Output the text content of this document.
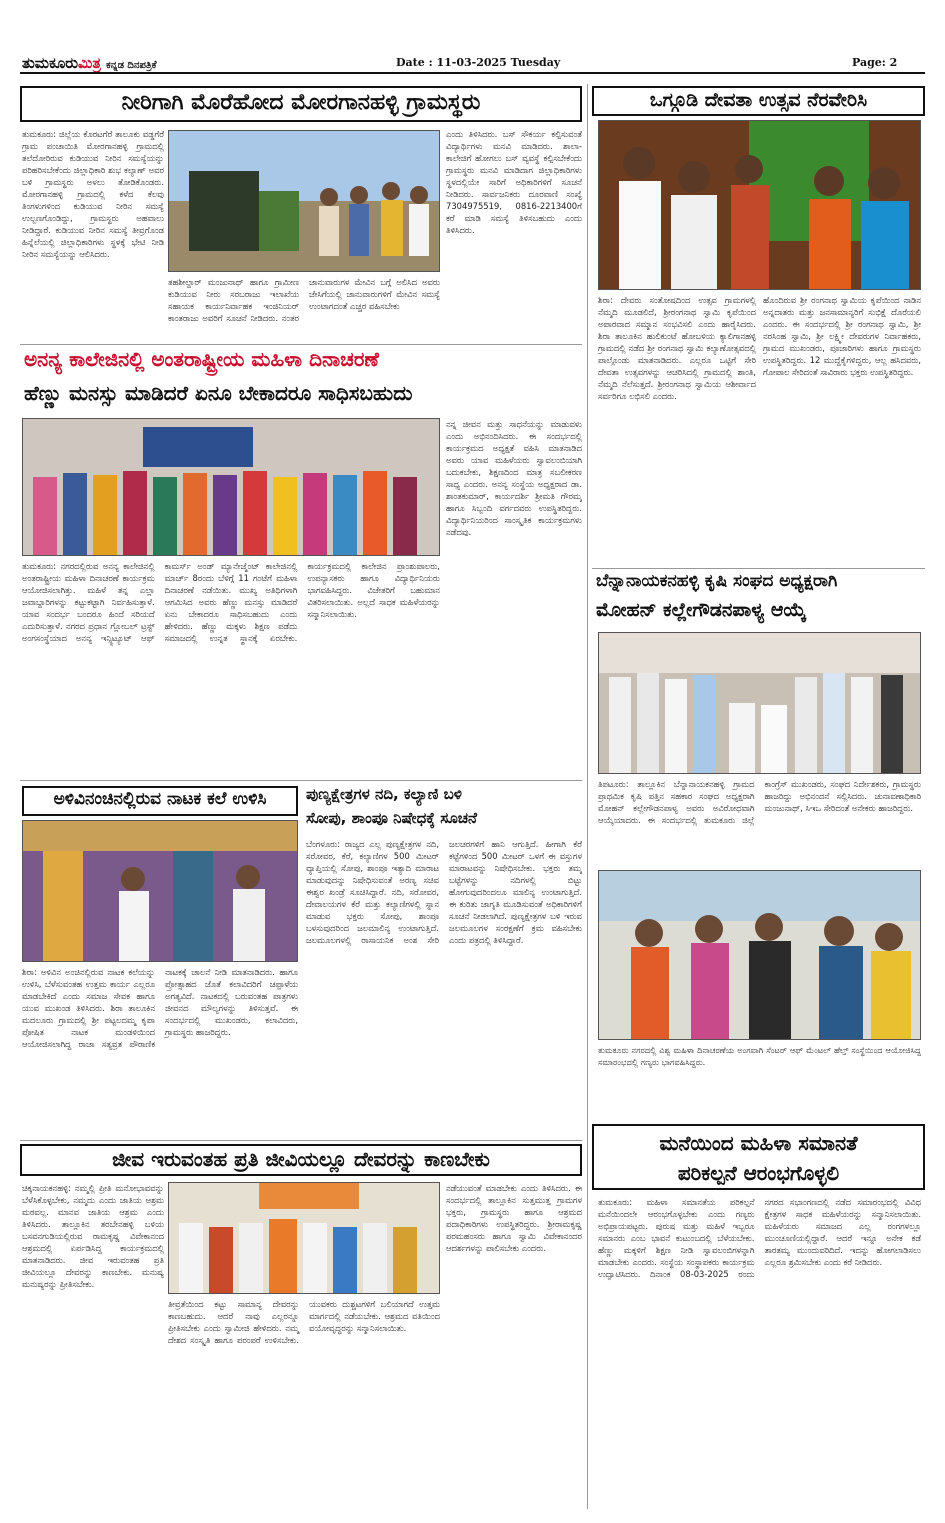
ತುಮಕೂರುಮಿತ್ರ ಕನ್ನಡ ದಿನಪತ್ರಿಕೆ	Date : 11-03-2025 Tuesday	Page: 2
ನೀರಿಗಾಗಿ ಮೊರೆಹೋದ ಮೋರಗಾನಹಳ್ಳಿ ಗ್ರಾಮಸ್ಥರು
ತುಮಕೂರು: ಜಿಲ್ಲೆಯ ಕೊರಟಗೆರೆ ತಾಲೂಕು ವಡ್ಡಗೆರೆ ಗ್ರಾಮ ಪಂಚಾಯಿತಿ ಮೋರಗಾನಹಳ್ಳಿ ಗ್ರಾಮದಲ್ಲಿ ತಲೆದೋರಿರುವ ಕುಡಿಯುವ ನೀರಿನ ಸಮಸ್ಯೆಯನ್ನು ಪರಿಹರಿಸಬೇಕೆಂದು ಜಿಲ್ಲಾಧಿಕಾರಿ ಶುಭ ಕಲ್ಯಾಣ್ ಅವರ ಬಳಿ ಗ್ರಾಮಸ್ಥರು ಅಳಲು ತೋಡಿಕೊಂಡರು. ಮೋರಗಾನಹಳ್ಳಿ ಗ್ರಾಮದಲ್ಲಿ ಕಳೆದ ಕೆಲವು ತಿಂಗಳುಗಳಿಂದ ಕುಡಿಯುವ ನೀರಿನ ಸಮಸ್ಯೆ ಉಲ್ಬಣಗೊಂಡಿದ್ದು, ಗ್ರಾಮಸ್ಥರು ಅಹವಾಲು ನೀಡಿದ್ದಾರೆ. ಕುಡಿಯುವ ನೀರಿನ ಸಮಸ್ಯೆ ತೀವ್ರಗೊಂಡ ಹಿನ್ನೆಲೆಯಲ್ಲಿ ಜಿಲ್ಲಾಧಿಕಾರಿಗಳು ಸ್ಥಳಕ್ಕೆ ಭೇಟಿ ನೀಡಿ ನೀರಿನ ಸಮಸ್ಯೆಯನ್ನು ಆಲಿಸಿದರು.
ತಹಶೀಲ್ದಾರ್ ಮಂಜುನಾಥ್ ಹಾಗೂ ಗ್ರಾಮೀಣ ಕುಡಿಯುವ ನೀರು ಸರಬರಾಜು ಇಲಾಖೆಯ ಸಹಾಯಕ ಕಾರ್ಯನಿರ್ವಾಹಕ ಇಂಜಿನಿಯರ್ ಕಾಂತರಾಜು ಅವರಿಗೆ ಸೂಚನೆ ನೀಡಿದರು. ನಂತರ ಜಾನುವಾರುಗಳ ಮೇವಿನ ಬಗ್ಗೆ ಅಲಿಸಿದ ಅವರು ಜೇಸಿಗೆಯಲ್ಲಿ ಜಾನುವಾರುಗಳಿಗೆ ಮೇವಿನ ಸಮಸ್ಯೆ ಉಂಟಾಗದಂತೆ ಎಚ್ಚರ ವಹಿಸಬೇಕು
ಎಂದು ತಿಳಿಸಿದರು. ಬಸ್ ಸೌಕರ್ಯ ಕಲ್ಪಿಸುವಂತೆ ವಿದ್ಯಾರ್ಥಿಗಳು ಮನವಿ ಮಾಡಿದರು. ಶಾಲಾ-ಕಾಲೇಜಿಗೆ ಹೋಗಲು ಬಸ್ ವ್ಯವಸ್ಥೆ ಕಲ್ಪಿಸಬೇಕೆಂದು ಗ್ರಾಮಸ್ಥರು ಮನವಿ ಮಾಡಿದಾಗ ಜಿಲ್ಲಾಧಿಕಾರಿಗಳು ಸ್ಥಳದಲ್ಲಿಯೇ ಸಾರಿಗೆ ಅಧಿಕಾರಿಗಳಿಗೆ ಸೂಚನೆ ನೀಡಿದರು. ಸಾರ್ವಜನಿಕರು ದೂರವಾಣಿ ಸಂಖ್ಯೆ 7304975519, 0816-2213400ಗೆ ಕರೆ ಮಾಡಿ ಸಮಸ್ಯೆ ತಿಳಿಸಬಹುದು ಎಂದು ತಿಳಿಸಿದರು.
ಒಗ್ಗೂಡಿ ದೇವತಾ ಉತ್ಸವ ನೆರವೇರಿಸಿ
ಶಿರಾ: ದೇವರು ಸಂತೋಷದಿಂದ ಉತ್ಸವ ಗ್ರಾಮಗಳಲ್ಲಿ ನೆಮ್ಮದಿ ಮೂಡಲಿದೆ, ಶ್ರೀರಂಗನಾಥ ಸ್ವಾಮಿ ಕೃಪೆಯಿಂದ ಅಪಾರವಾದ ಸಮ್ಮಾನ ಸಂಭವಿಸಲಿ ಎಂದು ಹಾರೈಸಿದರು. ಶಿರಾ ತಾಲೂಕಿನ ಹುಲಿಕುಂಟೆ ಹೋಬಳಿಯ ಕ್ಯಾಲಿಗಾನಹಳ್ಳಿ ಗ್ರಾಮದಲ್ಲಿ ನಡೆದ ಶ್ರೀ ರಂಗನಾಥ ಸ್ವಾಮಿ ಕಲ್ಯಾಣೋತ್ಸವದಲ್ಲಿ ಪಾಲ್ಗೊಂಡು ಮಾತನಾಡಿದರು. ಎಲ್ಲರೂ ಒಟ್ಟಿಗೆ ಸೇರಿ ದೇವತಾ ಉತ್ಸವಗಳನ್ನು ಆಚರಿಸಿದಲ್ಲಿ ಗ್ರಾಮದಲ್ಲಿ ಶಾಂತಿ, ನೆಮ್ಮದಿ ನೆಲೆಸುತ್ತದೆ. ಶ್ರೀರಂಗನಾಥ ಸ್ವಾಮಿಯ ಆಶೀರ್ವಾದ ಸರ್ವರಿಗೂ ಲಭಿಸಲಿ ಎಂದರು.
ಹೊಂದಿರುವ ಶ್ರೀ ರಂಗನಾಥ ಸ್ವಾಮಿಯ ಕೃಪೆಯಿಂದ ನಾಡಿನ ಅನ್ನದಾತರು ಮತ್ತು ಜನಸಾಮಾನ್ಯರಿಗೆ ಸುಭಿಕ್ಷೆ ದೊರೆಯಲಿ ಎಂದರು. ಈ ಸಂದರ್ಭದಲ್ಲಿ ಶ್ರೀ ರಂಗನಾಥ ಸ್ವಾಮಿ, ಶ್ರೀ ನರಸಿಂಹ ಸ್ವಾಮಿ, ಶ್ರೀ ಲಕ್ಷ್ಮೀ ದೇವರುಗಳ ನಿರ್ವಾಹಕರು, ಗ್ರಾಮದ ಮುಖಂಡರು, ಪೂಜಾರಿಗಳು ಹಾಗೂ ಗ್ರಾಮಸ್ಥರು ಉಪಸ್ಥಿತರಿದ್ದರು. 12 ಮುದ್ದೆಕೈಗಳಿದ್ದರು, ಆಲ್ಲ ಹಸಿದವರು, ಗೋಪಾಲ ಸೇರಿದಂತೆ ಸಾವಿರಾರು ಭಕ್ತರು ಉಪಸ್ಥಿತರಿದ್ದರು.
ಅನನ್ಯ ಕಾಲೇಜಿನಲ್ಲಿ ಅಂತರಾಷ್ಟ್ರೀಯ ಮಹಿಳಾ ದಿನಾಚರಣೆ
ಹೆಣ್ಣು ಮನಸ್ಸು ಮಾಡಿದರೆ ಏನೂ ಬೇಕಾದರೂ ಸಾಧಿಸಬಹುದು
ನನ್ನ ಜೀವನ ಮತ್ತು ಸಾಧನೆಯನ್ನು ಮಾಡುವಳು ಎಂದು ಅಭಿನಂದಿಸಿದರು. ಈ ಸಂದರ್ಭದಲ್ಲಿ ಕಾರ್ಯಕ್ರಮದ ಅಧ್ಯಕ್ಷತೆ ವಹಿಸಿ ಮಾತನಾಡಿದ ಅವರು ಯಾವ ಮಹಿಳೆಯರು ಸ್ವಾವಲಂಬಿಯಾಗಿ ಬದುಕಬೇಕು, ಶಿಕ್ಷಣದಿಂದ ಮಾತ್ರ ಸಬಲೀಕರಣ ಸಾಧ್ಯ ಎಂದರು. ಅನನ್ಯ ಸಂಸ್ಥೆಯ ಅಧ್ಯಕ್ಷರಾದ ಡಾ. ಶಾಂತಕುಮಾರ್, ಕಾರ್ಯದರ್ಶಿ ಶ್ರೀಮತಿ ಗೌರಮ್ಮ ಹಾಗೂ ಸಿಬ್ಬಂದಿ ವರ್ಗದವರು ಉಪಸ್ಥಿತರಿದ್ದರು. ವಿದ್ಯಾರ್ಥಿನಿಯರಿಂದ ಸಾಂಸ್ಕೃತಿಕ ಕಾರ್ಯಕ್ರಮಗಳು ನಡೆದವು.
ತುಮಕೂರು: ನಗರದಲ್ಲಿರುವ ಅನನ್ಯ ಕಾಲೇಜಿನಲ್ಲಿ ಅಂತರಾಷ್ಟ್ರೀಯ ಮಹಿಳಾ ದಿನಾಚರಣೆ ಕಾರ್ಯಕ್ರಮ ಆಯೋಜಿಸಲಾಗಿತ್ತು. ಮಹಿಳೆ ತನ್ನ ಎಲ್ಲಾ ಜವಾಬ್ದಾರಿಗಳನ್ನು ಕಟ್ಟುಕಟ್ಟಾಗಿ ನಿರ್ವಹಿಸುತ್ತಾಳೆ. ಯಾವ ಸಂದರ್ಭ ಬಂದರೂ ಹಿಂದೆ ಸರಿಯದೆ ಎದುರಿಸುತ್ತಾಳೆ. ನಗರದ ಪ್ರಧಾನ ಗ್ಲೋಬಲ್ ಟ್ರಸ್ಟ್ ಅಂಗಸಂಸ್ಥೆಯಾದ ಅನನ್ಯ ಇನ್ಸ್ಟಿಟ್ಯೂಟ್ ಆಫ್ ಕಾಮರ್ಸ್ ಅಂಡ್ ಮ್ಯಾನೇಜ್ಮೆಂಟ್ ಕಾಲೇಜಿನಲ್ಲಿ ಮಾರ್ಚ್ 8ರಂದು ಬೆಳಿಗ್ಗೆ 11 ಗಂಟೆಗೆ ಮಹಿಳಾ ದಿನಾಚರಣೆ ನಡೆಯಿತು. ಮುಖ್ಯ ಅತಿಥಿಗಳಾಗಿ ಆಗಮಿಸಿದ ಅವರು ಹೆಣ್ಣು ಮನಸ್ಸು ಮಾಡಿದರೆ ಏನು ಬೇಕಾದರೂ ಸಾಧಿಸಬಹುದು ಎಂದು ಹೇಳಿದರು. ಹೆಣ್ಣು ಮಕ್ಕಳು ಶಿಕ್ಷಣ ಪಡೆದು ಸಮಾಜದಲ್ಲಿ ಉನ್ನತ ಸ್ಥಾನಕ್ಕೆ ಏರಬೇಕು. ಕಾರ್ಯಕ್ರಮದಲ್ಲಿ ಕಾಲೇಜಿನ ಪ್ರಾಂಶುಪಾಲರು, ಉಪನ್ಯಾಸಕರು ಹಾಗೂ ವಿದ್ಯಾರ್ಥಿನಿಯರು ಭಾಗವಹಿಸಿದ್ದರು. ವಿಜೇತರಿಗೆ ಬಹುಮಾನ ವಿತರಿಸಲಾಯಿತು. ಅಲ್ಲದೆ ಸಾಧಕ ಮಹಿಳೆಯರನ್ನು ಸನ್ಮಾನಿಸಲಾಯಿತು.
ಬೆನ್ನಾನಾಯಕನಹಳ್ಳಿ ಕೃಷಿ ಸಂಘದ ಅಧ್ಯಕ್ಷರಾಗಿ
ಮೋಹನ್ ಕಲ್ಲೇಗೌಡನಪಾಳ್ಯ ಆಯ್ಕೆ
ತಿಪಟೂರು: ತಾಲ್ಲೂಕಿನ ಬೆನ್ನಾನಾಯಕನಹಳ್ಳಿ ಗ್ರಾಮದ ಪ್ರಾಥಮಿಕ ಕೃಷಿ ಪತ್ತಿನ ಸಹಕಾರ ಸಂಘದ ಅಧ್ಯಕ್ಷರಾಗಿ ಮೋಹನ್ ಕಲ್ಲೇಗೌಡನಪಾಳ್ಯ ಅವರು ಅವಿರೋಧವಾಗಿ ಆಯ್ಕೆಯಾದರು. ಈ ಸಂದರ್ಭದಲ್ಲಿ ತುಮಕೂರು ಜಿಲ್ಲೆ ಕಾಂಗ್ರೆಸ್ ಮುಖಂಡರು, ಸಂಘದ ನಿರ್ದೇಶಕರು, ಗ್ರಾಮಸ್ಥರು ಹಾಜರಿದ್ದು ಅಭಿನಂದನೆ ಸಲ್ಲಿಸಿದರು. ಚುನಾವಣಾಧಿಕಾರಿ ಮಂಜುನಾಥ್, ಸಿಇಒ ಸೇರಿದಂತೆ ಅನೇಕರು ಹಾಜರಿದ್ದರು.
ಅಳಿವಿನಂಚಿನಲ್ಲಿರುವ ನಾಟಕ ಕಲೆ ಉಳಿಸಿ
ಶಿರಾ: ಅಳಿವಿನ ಅಂಚಿನಲ್ಲಿರುವ ನಾಟಕ ಕಲೆಯನ್ನು ಉಳಿಸಿ, ಬೆಳೆಸುವಂತಹ ಉತ್ತಮ ಕಾರ್ಯ ಎಲ್ಲರೂ ಮಾಡಬೇಕಿದೆ ಎಂದು ಸಮಾಜ ಸೇವಕ ಹಾಗೂ ಯುವ ಮುಖಂಡ ತಿಳಿಸಿದರು. ಶಿರಾ ತಾಲೂಕಿನ ಮದಲೂರು ಗ್ರಾಮದಲ್ಲಿ ಶ್ರೀ ಪಟ್ಟಲದಮ್ಮ ಕೃಪಾ ಪೋಷಿತ ನಾಟಕ ಮಂಡಳಿಯಿಂದ ಆಯೋಜಿಸಲಾಗಿದ್ದ ರಾಜಾ ಸತ್ಯವ್ರತ ಪೌರಾಣಿಕ ನಾಟಕಕ್ಕೆ ಚಾಲನೆ ನೀಡಿ ಮಾತನಾಡಿದರು. ಹಾಗೂ ಪ್ರೋತ್ಸಾಹದ ಜೊತೆ ಕಲಾವಿದರಿಗೆ ಚಪ್ಪಾಳೆಯ ಅಗತ್ಯವಿದೆ. ನಾಟಕದಲ್ಲಿ ಬರುವಂತಹ ಪಾತ್ರಗಳು ಜೀವನದ ಮೌಲ್ಯಗಳನ್ನು ತಿಳಿಸುತ್ತವೆ. ಈ ಸಂದರ್ಭದಲ್ಲಿ ಮುಖಂಡರು, ಕಲಾವಿದರು, ಗ್ರಾಮಸ್ಥರು ಹಾಜರಿದ್ದರು.
ಪುಣ್ಯಕ್ಷೇತ್ರಗಳ ನದಿ, ಕಲ್ಯಾಣಿ ಬಳಿ
ಸೋಪು, ಶಾಂಪೂ ನಿಷೇಧಕ್ಕೆ ಸೂಚನೆ
ಬೆಂಗಳೂರು: ರಾಜ್ಯದ ಎಲ್ಲ ಪುಣ್ಯಕ್ಷೇತ್ರಗಳ ನದಿ, ಸರೋವರ, ಕೆರೆ, ಕಲ್ಯಾಣಿಗಳ 500 ಮೀಟರ್ ವ್ಯಾಪ್ತಿಯಲ್ಲಿ ಸೋಪು, ಶಾಂಪೂ ಇತ್ಯಾದಿ ಮಾರಾಟ ಮಾಡುವುದನ್ನು ನಿಷೇಧಿಸುವಂತೆ ಅರಣ್ಯ ಸಚಿವ ಈಶ್ವರ ಖಂಡ್ರೆ ಸೂಚಿಸಿದ್ದಾರೆ. ನದಿ, ಸರೋವರ, ದೇವಾಲಯಗಳ ಕೆರೆ ಮತ್ತು ಕಲ್ಯಾಣಿಗಳಲ್ಲಿ ಸ್ನಾನ ಮಾಡುವ ಭಕ್ತರು ಸೋಪು, ಶಾಂಪೂ ಬಳಸುವುದರಿಂದ ಜಲಮಾಲಿನ್ಯ ಉಂಟಾಗುತ್ತಿದೆ. ಜಲಮೂಲಗಳಲ್ಲಿ ರಾಸಾಯನಿಕ ಅಂಶ ಸೇರಿ ಜಲಚರಗಳಿಗೆ ಹಾನಿ ಆಗುತ್ತಿದೆ. ಹೀಗಾಗಿ ಕೆರೆ ಕಟ್ಟೆಗಳಿಂದ 500 ಮೀಟರ್ ಒಳಗೆ ಈ ವಸ್ತುಗಳ ಮಾರಾಟವನ್ನು ನಿಷೇಧಿಸಬೇಕು. ಭಕ್ತರು ತಮ್ಮ ಬಟ್ಟೆಗಳನ್ನು ನದಿಗಳಲ್ಲಿ ಬಿಟ್ಟು ಹೋಗುವುದರಿಂದಲೂ ಮಾಲಿನ್ಯ ಉಂಟಾಗುತ್ತಿದೆ. ಈ ಕುರಿತು ಜಾಗೃತಿ ಮೂಡಿಸುವಂತೆ ಅಧಿಕಾರಿಗಳಿಗೆ ಸೂಚನೆ ನೀಡಲಾಗಿದೆ. ಪುಣ್ಯಕ್ಷೇತ್ರಗಳ ಬಳಿ ಇರುವ ಜಲಮೂಲಗಳ ಸಂರಕ್ಷಣೆಗೆ ಕ್ರಮ ವಹಿಸಬೇಕು ಎಂದು ಪತ್ರದಲ್ಲಿ ತಿಳಿಸಿದ್ದಾರೆ.
ತುಮಕೂರು ನಗರದಲ್ಲಿ ವಿಶ್ವ ಮಹಿಳಾ ದಿನಾಚರಣೆಯ ಅಂಗವಾಗಿ ಸೆಂಟರ್ ಆಫ್ ಮೆಂಟಲ್ ಹೆಲ್ತ್ ಸಂಸ್ಥೆಯಿಂದ ಆಯೋಜಿಸಿದ್ದ ಸಮಾರಂಭದಲ್ಲಿ ಗಣ್ಯರು ಭಾಗವಹಿಸಿದ್ದರು.
ಮನೆಯಿಂದ ಮಹಿಳಾ ಸಮಾನತೆ
ಪರಿಕಲ್ಪನೆ ಆರಂಭಗೊಳ್ಳಲಿ
ತುಮಕೂರು: ಮಹಿಳಾ ಸಮಾನತೆಯ ಪರಿಕಲ್ಪನೆ ಮನೆಯಿಂದಲೇ ಆರಂಭಗೊಳ್ಳಬೇಕು ಎಂದು ಗಣ್ಯರು ಅಭಿಪ್ರಾಯಪಟ್ಟರು. ಪುರುಷ ಮತ್ತು ಮಹಿಳೆ ಇಬ್ಬರೂ ಸಮಾನರು ಎಂಬ ಭಾವನೆ ಕುಟುಂಬದಲ್ಲಿ ಬೆಳೆಯಬೇಕು. ಹೆಣ್ಣು ಮಕ್ಕಳಿಗೆ ಶಿಕ್ಷಣ ನೀಡಿ ಸ್ವಾವಲಂಬಿಗಳನ್ನಾಗಿ ಮಾಡಬೇಕು ಎಂದರು. ಸಂಸ್ಥೆಯ ಸಂಸ್ಥಾಪಕರು ಕಾರ್ಯಕ್ರಮ ಉದ್ಘಾಟಿಸಿದರು. ದಿನಾಂಕ 08-03-2025 ರಂದು ನಗರದ ಸಭಾಂಗಣದಲ್ಲಿ ನಡೆದ ಸಮಾರಂಭದಲ್ಲಿ ವಿವಿಧ ಕ್ಷೇತ್ರಗಳ ಸಾಧಕ ಮಹಿಳೆಯರನ್ನು ಸನ್ಮಾನಿಸಲಾಯಿತು. ಮಹಿಳೆಯರು ಸಮಾಜದ ಎಲ್ಲ ರಂಗಗಳಲ್ಲೂ ಮುಂಚೂಣಿಯಲ್ಲಿದ್ದಾರೆ. ಆದರೆ ಇನ್ನೂ ಅನೇಕ ಕಡೆ ತಾರತಮ್ಯ ಮುಂದುವರಿದಿದೆ. ಇದನ್ನು ಹೋಗಲಾಡಿಸಲು ಎಲ್ಲರೂ ಶ್ರಮಿಸಬೇಕು ಎಂದು ಕರೆ ನೀಡಿದರು.
ಜೀವ ಇರುವಂತಹ ಪ್ರತಿ ಜೀವಿಯಲ್ಲೂ ದೇವರನ್ನು ಕಾಣಬೇಕು
ಚಿಕ್ಕನಾಯಕನಹಳ್ಳಿ: ನಮ್ಮಲ್ಲಿ ಪ್ರೀತಿ ಮನೋಭಾವವನ್ನು ಬೆಳೆಸಿಕೊಳ್ಳಬೇಕು, ನಮ್ಮದು ಎಂದು ಜಾತಿಯ ಆಶ್ರಮ ಮಠವಲ್ಲ. ಮಾನವ ಜಾತಿಯ ಆಶ್ರಮ ಎಂದು ತಿಳಿಸಿದರು. ತಾಲ್ಲೂಕಿನ ತರಬೇನಹಳ್ಳಿ ಬಳಿಯ ಬಸವನಗುಡಿಯಲ್ಲಿರುವ ರಾಮಕೃಷ್ಣ ವಿವೇಕಾನಂದ ಆಶ್ರಮದಲ್ಲಿ ಏರ್ಪಡಿಸಿದ್ದ ಕಾರ್ಯಕ್ರಮದಲ್ಲಿ ಮಾತನಾಡಿದರು. ಜೀವ ಇರುವಂತಹ ಪ್ರತಿ ಜೀವಿಯಲ್ಲೂ ದೇವರನ್ನು ಕಾಣಬೇಕು. ಮನುಷ್ಯ ಮನುಷ್ಯರನ್ನು ಪ್ರೀತಿಸಬೇಕು.
ತೀವ್ರತೆಯಿಂದ ಕಟ್ಟು ಸಾಮಾನ್ಯ ದೇವರನ್ನು ಕಾಣಬಹುದು. ಆದರೆ ನಾವು ಎಲ್ಲರನ್ನೂ ಪ್ರೀತಿಸಬೇಕು ಎಂದು ಸ್ವಾಮೀಜಿ ಹೇಳಿದರು. ನಮ್ಮ ದೇಶದ ಸಂಸ್ಕೃತಿ ಹಾಗೂ ಪರಂಪರೆ ಉಳಿಸಬೇಕು. ಯುವಕರು ದುಶ್ಚಟಗಳಿಗೆ ಬಲಿಯಾಗದೆ ಉತ್ತಮ ಮಾರ್ಗದಲ್ಲಿ ನಡೆಯಬೇಕು. ಆಶ್ರಮದ ವತಿಯಿಂದ ವಯೋವೃದ್ಧರನ್ನು ಸನ್ಮಾನಿಸಲಾಯಿತು.
ನಡೆಯುವಂತೆ ಮಾಡಬೇಕು ಎಂದು ತಿಳಿಸಿದರು. ಈ ಸಂದರ್ಭದಲ್ಲಿ ತಾಲ್ಲೂಕಿನ ಸುತ್ತಮುತ್ತ ಗ್ರಾಮಗಳ ಭಕ್ತರು, ಗ್ರಾಮಸ್ಥರು ಹಾಗೂ ಆಶ್ರಮದ ಪದಾಧಿಕಾರಿಗಳು ಉಪಸ್ಥಿತರಿದ್ದರು. ಶ್ರೀರಾಮಕೃಷ್ಣ ಪರಮಹಂಸರು ಹಾಗೂ ಸ್ವಾಮಿ ವಿವೇಕಾನಂದರ ಆದರ್ಶಗಳನ್ನು ಪಾಲಿಸಬೇಕು ಎಂದರು.
